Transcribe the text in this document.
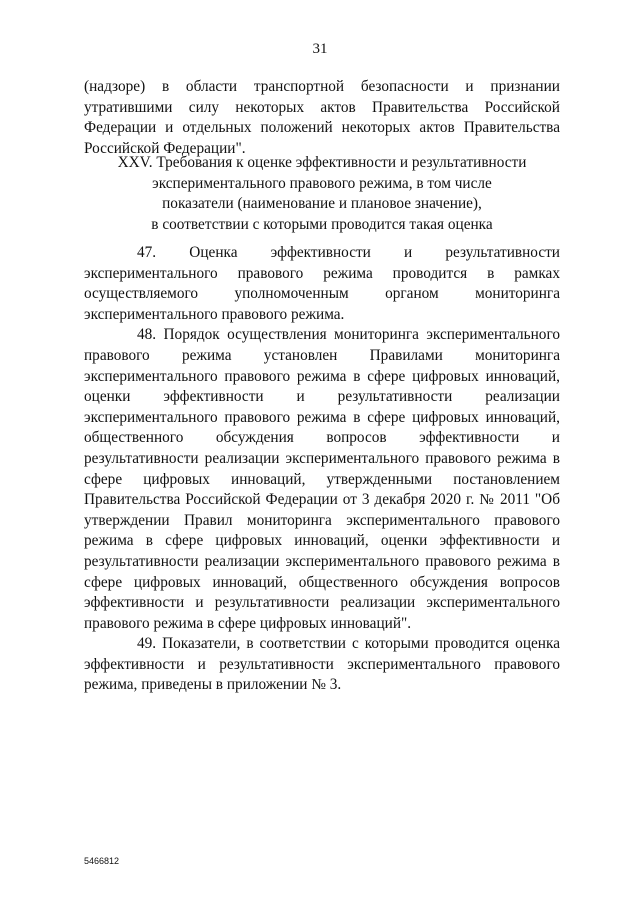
31
(надзоре) в области транспортной безопасности и признании утратившими силу некоторых актов Правительства Российской Федерации и отдельных положений некоторых актов Правительства Российской Федерации".
XXV. Требования к оценке эффективности и результативности
экспериментального правового режима, в том числе
показатели (наименование и плановое значение),
в соответствии с которыми проводится такая оценка

47. Оценка эффективности и результативности экспериментального правового режима проводится в рамках осуществляемого уполномоченным органом мониторинга экспериментального правового режима.

48. Порядок осуществления мониторинга экспериментального правового режима установлен Правилами мониторинга экспериментального правового режима в сфере цифровых инноваций, оценки эффективности и результативности реализации экспериментального правового режима в сфере цифровых инноваций, общественного обсуждения вопросов эффективности и результативности реализации экспериментального правового режима в сфере цифровых инноваций, утвержденными постановлением Правительства Российской Федерации от 3 декабря 2020 г. № 2011 "Об утверждении Правил мониторинга экспериментального правового режима в сфере цифровых инноваций, оценки эффективности и результативности реализации экспериментального правового режима в сфере цифровых инноваций, общественного обсуждения вопросов эффективности и результативности реализации экспериментального правового режима в сфере цифровых инноваций".

49. Показатели, в соответствии с которыми проводится оценка эффективности и результативности экспериментального правового режима, приведены в приложении № 3.

5466812
